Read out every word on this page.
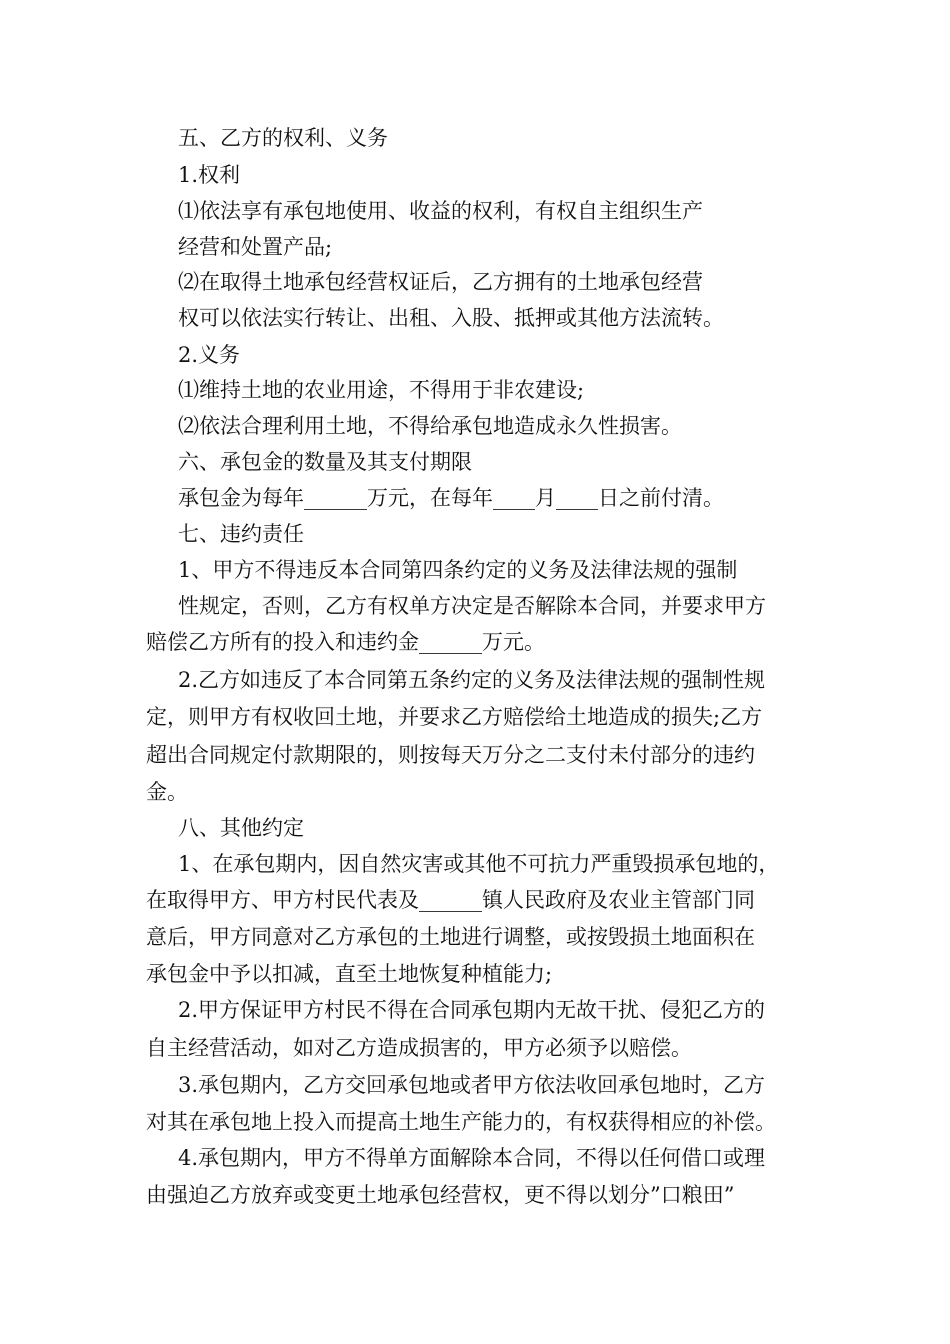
五、乙方的权利、义务
1.权利
⑴依法享有承包地使用、收益的权利，有权自主组织生产
经营和处置产品;
⑵在取得土地承包经营权证后，乙方拥有的土地承包经营
权可以依法实行转让、出租、入股、抵押或其他方法流转。
2.义务
⑴维持土地的农业用途，不得用于非农建设;
⑵依法合理利用土地，不得给承包地造成永久性损害。
六、承包金的数量及其支付期限
承包金为每年______万元，在每年____月____日之前付清。
七、违约责任
1、甲方不得违反本合同第四条约定的义务及法律法规的强制
性规定，否则，乙方有权单方决定是否解除本合同，并要求甲方
赔偿乙方所有的投入和违约金______万元。
2.乙方如违反了本合同第五条约定的义务及法律法规的强制性规
定，则甲方有权收回土地，并要求乙方赔偿给土地造成的损失;乙方
超出合同规定付款期限的，则按每天万分之二支付未付部分的违约
金。
八、其他约定
1、在承包期内，因自然灾害或其他不可抗力严重毁损承包地的，
在取得甲方、甲方村民代表及______镇人民政府及农业主管部门同
意后，甲方同意对乙方承包的土地进行调整，或按毁损土地面积在
承包金中予以扣减，直至土地恢复种植能力;
2.甲方保证甲方村民不得在合同承包期内无故干扰、侵犯乙方的
自主经营活动，如对乙方造成损害的，甲方必须予以赔偿。
3.承包期内，乙方交回承包地或者甲方依法收回承包地时，乙方
对其在承包地上投入而提高土地生产能力的，有权获得相应的补偿。
4.承包期内，甲方不得单方面解除本合同，不得以任何借口或理
由强迫乙方放弃或变更土地承包经营权，更不得以划分”口粮田”
